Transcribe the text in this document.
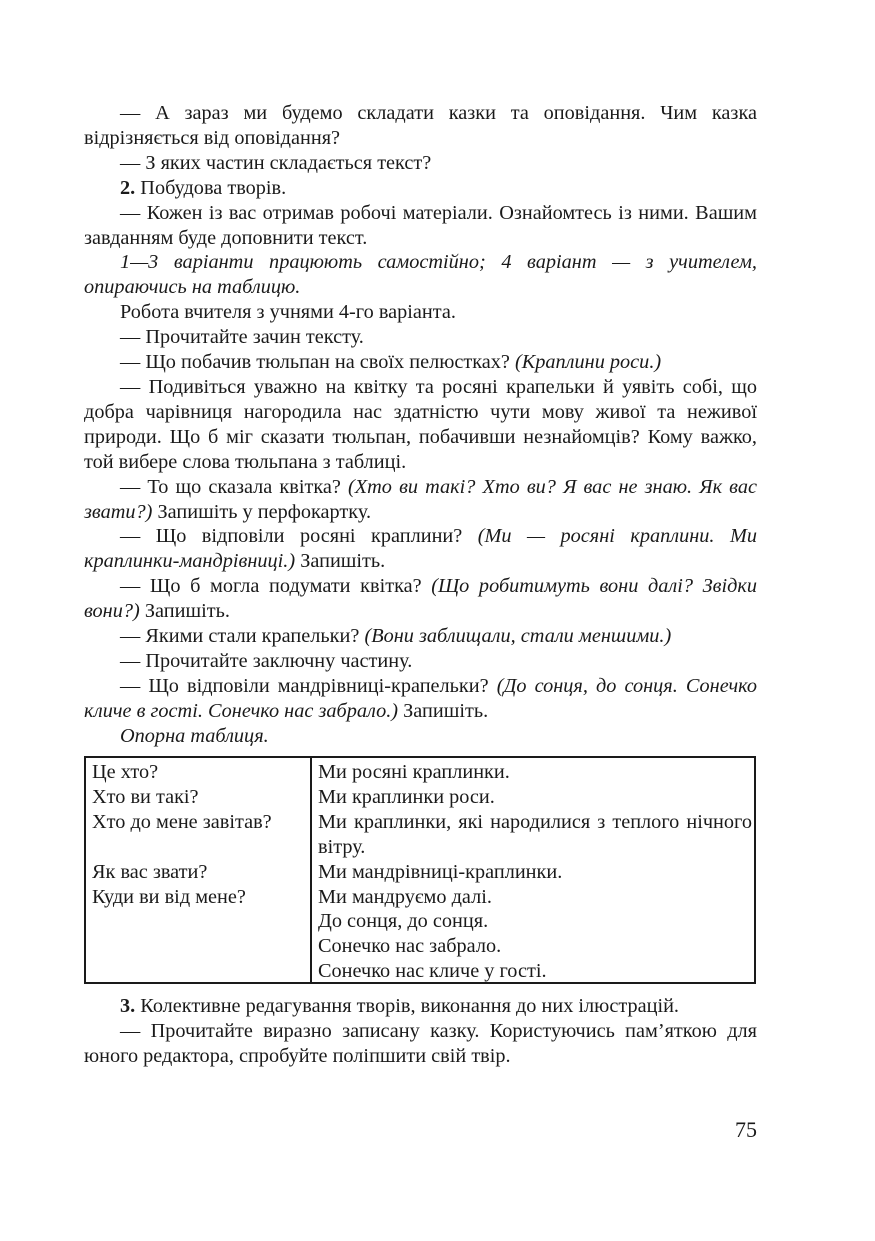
— А зараз ми будемо складати казки та оповідання. Чим казка відрізняється від оповідання?

— З яких частин складається текст?

2. Побудова творів.

— Кожен із вас отримав робочі матеріали. Ознайомтесь із ними. Вашим завданням буде доповнити текст.

1—3 варіанти працюють самостійно; 4 варіант — з учителем, опираючись на таблицю.

Робота вчителя з учнями 4-го варіанта.

— Прочитайте зачин тексту.

— Що побачив тюльпан на своїх пелюстках? (Краплини роси.)

— Подивіться уважно на квітку та росяні крапельки й уявіть собі, що добра чарівниця нагородила нас здатністю чути мову живої та неживої природи. Що б міг сказати тюльпан, побачивши незнайомців? Кому важко, той вибере слова тюльпана з таблиці.

— То що сказала квітка? (Хто ви такі? Хто ви? Я вас не знаю. Як вас звати?) Запишіть у перфокартку.

— Що відповіли росяні краплини? (Ми — росяні краплини. Ми краплинки-мандрівниці.) Запишіть.

— Що б могла подумати квітка? (Що робитимуть вони далі? Звідки вони?) Запишіть.

— Якими стали крапельки? (Вони заблищали, стали меншими.)

— Прочитайте заключну частину.

— Що відповіли мандрівниці-крапельки? (До сонця, до сонця. Сонечко кличе в гості. Сонечко нас забрало.) Запишіть.

Опорна таблиця.

Це хто?
Хто ви такі?
Хто до мене завітав?

Як вас звати?
Куди ви від мене?
Ми росяні краплинки.
Ми краплинки роси.
Ми краплинки, які народилися з теплого нічного вітру.
Ми мандрівниці-краплинки.
Ми мандруємо далі.
До сонця, до сонця.
Сонечко нас забрало.
Сонечко нас кличе у гості.

3. Колективне редагування творів, виконання до них ілюстрацій.

— Прочитайте виразно записану казку. Користуючись пам’яткою для юного редактора, спробуйте поліпшити свій твір.

75
